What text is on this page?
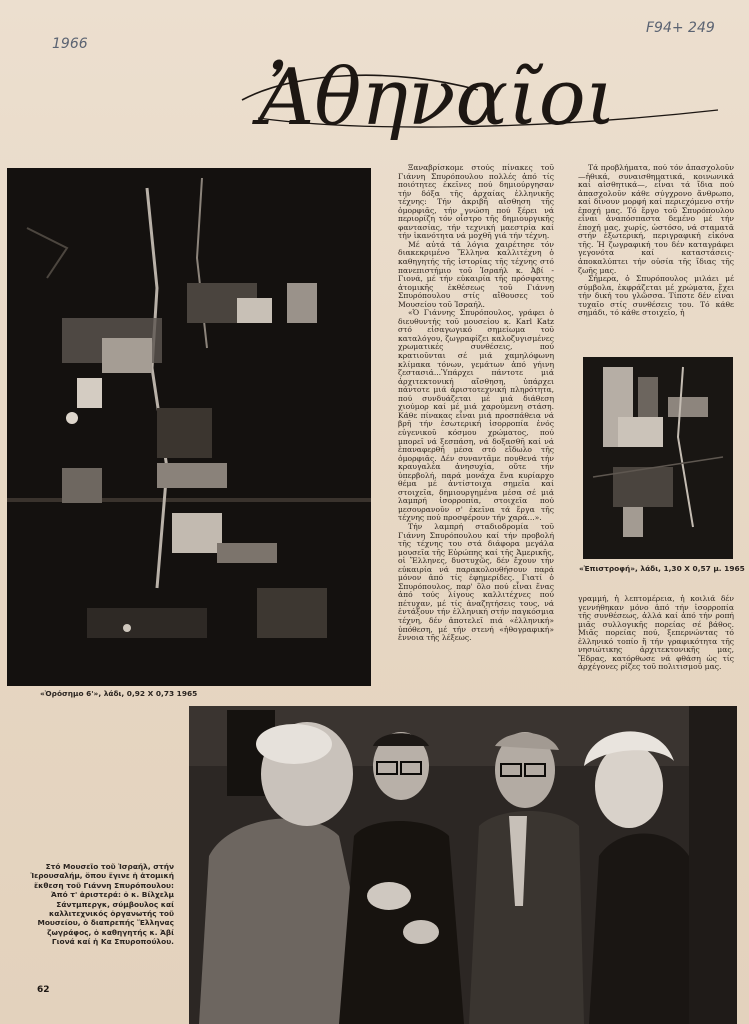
1966
F94+ 249
Ἀθηναῖοι
«Ὁρόσημο 6'», λάδι, 0,92 X 0,73 1965
«Ἐπιστροφή», λάδι, 1,30 X 0,57 μ. 1965

Ξαναβρίσκομε στούς πίνακες τοῦ Γιάννη Σπυρόπουλου πολλές ἀπό τίς ποιότητες ἐκεῖνες πού δημιούργησαν τήν δόξα τῆς ἀρχαίας ἑλληνικῆς τέχνης: Τήν ἀκριβῆ αἴσθηση τῆς ὁμορφιᾶς, τήν γνώση πού ξέρει νά περιορίζη τόν οἶστρο τῆς δημιουργικῆς φαντασίας, τήν τεχνική μαεστρία καί τήν ἱκανότητα νά μοχθῆ γιά τήν τέχνη.

Μέ αὐτά τά λόγια χαιρέτησε τόν διακεκριμένο Ἕλληνα καλλιτέχνη ὁ καθηγητής τῆς ἱστορίας τῆς τέχνης στό πανεπιστήμιο τοῦ Ἰσραήλ κ. Ἀβί - Γιονά, μέ τήν εὐκαιρία τῆς πρόσφατης ἀτομικῆς ἐκθέσεως τοῦ Γιάννη Σπυρόπουλου στίς αἴθουσες τοῦ Μουσείου τοῦ Ἰσραήλ.

«Ὁ Γιάννης Σπυρόπουλος, γράφει ὁ διευθυντής τοῦ μουσείου κ. Karl Katz στό εἰσαγωγικό σημείωμα τοῦ καταλόγου, ζωγραφίζει καλοζυγισμένες χρωματικές συνθέσεις, πού κρατιοῦνται σέ μιά χαμηλόφωνη κλίμακα τόνων, γεμάτων ἀπό γήινη ζεστασιά...Ὑπάρχει πάντοτε μιά ἀρχιτεκτονική αἴσθηση, ὑπάρχει πάντοτε μιά ἀριστοτεχνική πληρότητα, πού συνδυάζεται μέ μιά διάθεση χιούμορ καί μέ μιά χαρούμενη στάση. Κάθε πίνακας εἶναι μιά προσπάθεια νά βρῆ τήν ἐσωτερική ἰσορροπία ἑνός εὐγενικοῦ κόσμου χρώματος, πού μπορεῖ νά ξεσπάση, νά δοξασθῆ καί νά ἐπαναφερθῆ μέσα στό εἴδωλο τῆς ὀμορφιᾶς. Δέν συναντᾶμε πουθενά τήν κραυγαλέα ἀνησυχία, οὔτε τήν ὑπερβολή, παρά μονάχα ἕνα κυρίαρχο θέμα μέ ἀντίστοιχα σημεῖα καί στοιχεῖα, δημιουργημένα μέσα σέ μιά λαμπρή ἰσορροπία, στοιχεῖα πού μεσουρανοῦν σ' ἐκεῖνα τά ἔργα τῆς τέχνης πού προσφέρουν τήν χαρά...».

Τήν λαμπρή σταδιοδρομία τοῦ Γιάννη Σπυρόπουλου καί τήν προβολή τῆς τέχνης του στά διάφορα μεγάλα μουσεῖα τῆς Εὐρώπης καί τῆς Ἀμερικῆς, οἱ Ἕλληνες, δυστυχῶς, δέν ἔχουν τήν εὐκαιρία νά παρακολουθήσουν παρά μόνον ἀπό τίς ἐφημερίδες. Γιατί ὁ Σπυρόπουλος, παρ' ὅλο πού εἶναι ἕνας ἀπό τούς λίγους καλλιτέχνες πού πέτυχαν, μέ τίς ἀναζητήσεις τους, νά ἐντάξουν τήν ἑλληνική στήν παγκόσμια τέχνη, δέν ἀποτελεῖ πιά «ἑλληνική» ὑπόθεση, μέ τήν στενή «ἠθογραφική» ἔννοια τῆς λέξεως.

Τά προβλήματα, πού τόν ἀπασχολοῦν —ἠθικά, συναισθηματικά, κοινωνικά καί αἰσθητικά—, εἶναι τά ἴδια πού ἀπασχολοῦν κάθε σύγχρονο ἄνθρωπο, καί δίνουν μορφή καί περιεχόμενο στήν ἐποχή μας. Τό ἔργο τοῦ Σπυρόπουλου εἶναι ἀναπόσπαστα δεμένο μέ τήν ἐποχή μας, χωρίς, ὡστόσο, νά σταματᾶ στήν ἐξωτερική, περιγραφική εἰκόνα τῆς. Ἡ ζωγραφική του δέν καταγράφει γεγονότα καί καταστάσεις· ἀποκαλύπτει τήν οὐσία τῆς ἴδιας τῆς ζωῆς μας.

Σήμερα, ὁ Σπυρόπουλος μιλάει μέ σύμβολα, ἐκφράζεται μέ χρώματα, ἔχει τήν δική του γλῶσσα. Τίποτε δέν εἶναι τυχαῖο στίς συνθέσεις του. Τό κάθε σημάδι, τό κάθε στοιχεῖο, ἡ

γραμμή, ἡ λεπτομέρεια, ἡ κοιλιά δέν γεννήθηκαν μόνο ἀπό τήν ἰσορροπία τῆς συνθέσεως, ἀλλά καί ἀπό τήν ροπή μιᾶς συλλογικῆς πορείας σέ βάθος. Μιᾶς πορείας πού, ξεπερνώντας τό ἑλληνικό τοπίο ἤ τήν γραφικότητα τῆς νησιώτικης ἀρχιτεκτονικῆς μας, Ἔδρας, κατόρθωσε νά φθάση ὡς τίς ἀρχέγονες ρίζες τοῦ πολιτισμοῦ μας.

Στό Μουσεῖο τοῦ Ἰσραήλ, στήν Ἱερουσαλήμ, ὅπου ἔγινε ἡ ἀτομική ἔκθεση τοῦ Γιάννη Σπυρόπουλου: Ἀπό τ' ἀριστερά: ὁ κ. Βίλχελμ Σάντμπεργκ, σύμβουλος καί καλλιτεχνικός ὀργανωτής τοῦ Μουσείου, ὁ διαπρεπής Ἕλληνας ζωγράφος, ὁ καθηγητής κ. Ἀβί Γιονά καί ἡ Κα Σπυροπούλου.
62
